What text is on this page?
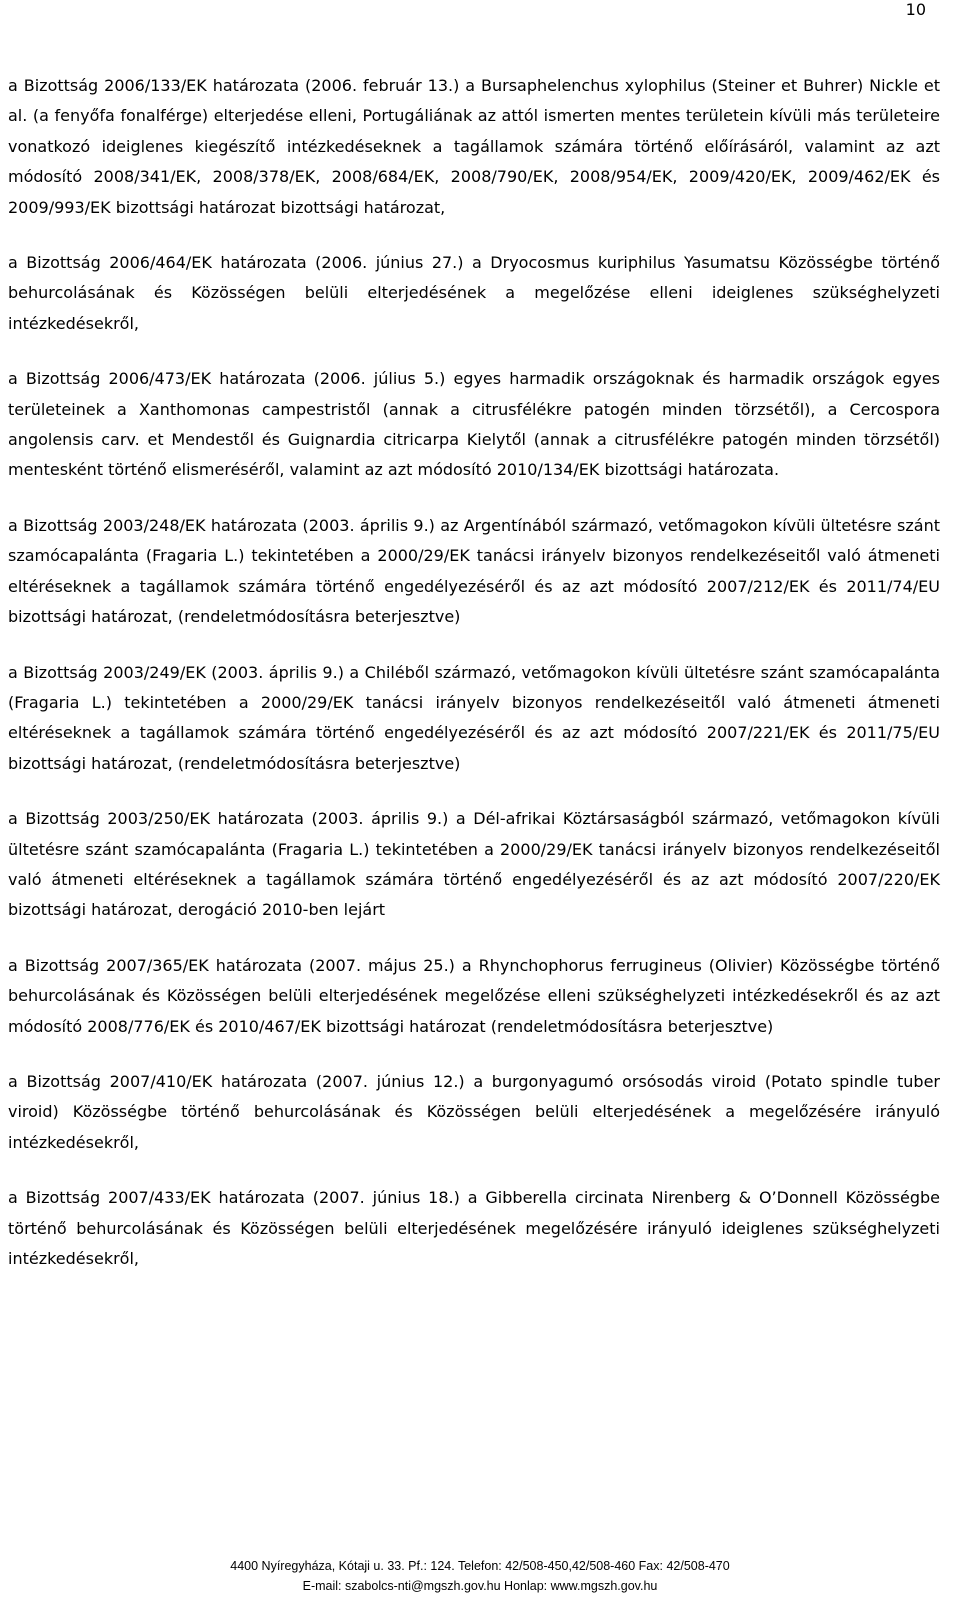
10

a Bizottság 2006/133/EK határozata (2006. február 13.) a Bursaphelenchus xylophilus (Steiner et Buhrer) Nickle et al. (a fenyőfa fonalférge) elterjedése elleni, Portugáliának az attól ismerten mentes területein kívüli más területeire vonatkozó ideiglenes kiegészítő intézkedéseknek a tagállamok számára történő előírásáról, valamint az azt módosító 2008/341/EK, 2008/378/EK, 2008/684/EK, 2008/790/EK, 2008/954/EK, 2009/420/EK, 2009/462/EK és 2009/993/EK bizottsági határozat bizottsági határozat,

a Bizottság 2006/464/EK határozata (2006. június 27.) a Dryocosmus kuriphilus Yasumatsu Közösségbe történő behurcolásának és Közösségen belüli elterjedésének a megelőzése elleni ideiglenes szükséghelyzeti intézkedésekről,

a Bizottság 2006/473/EK határozata (2006. július 5.) egyes harmadik országoknak és harmadik országok egyes területeinek a Xanthomonas campestristől (annak a citrusfélékre patogén minden törzsétől), a Cercospora angolensis carv. et Mendestől és Guignardia citricarpa Kielytől (annak a citrusfélékre patogén minden törzsétől) mentesként történő elismeréséről, valamint az azt módosító 2010/134/EK bizottsági határozata.

a Bizottság 2003/248/EK határozata (2003. április 9.) az Argentínából származó, vetőmagokon kívüli ültetésre szánt szamócapalánta (Fragaria L.) tekintetében a 2000/29/EK tanácsi irányelv bizonyos rendelkezéseitől való átmeneti eltéréseknek a tagállamok számára történő engedélyezéséről és az azt módosító 2007/212/EK és 2011/74/EU bizottsági határozat, (rendeletmódosításra beterjesztve)

a Bizottság 2003/249/EK (2003. április 9.) a Chiléből származó, vetőmagokon kívüli ültetésre szánt szamócapalánta (Fragaria L.) tekintetében a 2000/29/EK tanácsi irányelv bizonyos rendelkezéseitől való átmeneti átmeneti eltéréseknek a tagállamok számára történő engedélyezéséről és az azt módosító 2007/221/EK és 2011/75/EU bizottsági határozat, (rendeletmódosításra beterjesztve)

a Bizottság 2003/250/EK határozata (2003. április 9.) a Dél-afrikai Köztársaságból származó, vetőmagokon kívüli ültetésre szánt szamócapalánta (Fragaria L.) tekintetében a 2000/29/EK tanácsi irányelv bizonyos rendelkezéseitől való átmeneti eltéréseknek a tagállamok számára történő engedélyezéséről és az azt módosító 2007/220/EK bizottsági határozat, derogáció 2010-ben lejárt

a Bizottság 2007/365/EK határozata (2007. május 25.) a Rhynchophorus ferrugineus (Olivier) Közösségbe történő behurcolásának és Közösségen belüli elterjedésének megelőzése elleni szükséghelyzeti intézkedésekről és az azt módosító 2008/776/EK és 2010/467/EK bizottsági határozat (rendeletmódosításra beterjesztve)

a Bizottság 2007/410/EK határozata (2007. június 12.) a burgonyagumó orsósodás viroid (Potato spindle tuber viroid) Közösségbe történő behurcolásának és Közösségen belüli elterjedésének a megelőzésére irányuló intézkedésekről,

a Bizottság 2007/433/EK határozata (2007. június 18.) a Gibberella circinata Nirenberg & O’Donnell Közösségbe történő behurcolásának és Közösségen belüli elterjedésének megelőzésére irányuló ideiglenes szükséghelyzeti intézkedésekről,

4400 Nyíregyháza, Kótaji u. 33. Pf.: 124. Telefon: 42/508-450,42/508-460 Fax: 42/508-470
E-mail: szabolcs-nti@mgszh.gov.hu Honlap: www.mgszh.gov.hu
